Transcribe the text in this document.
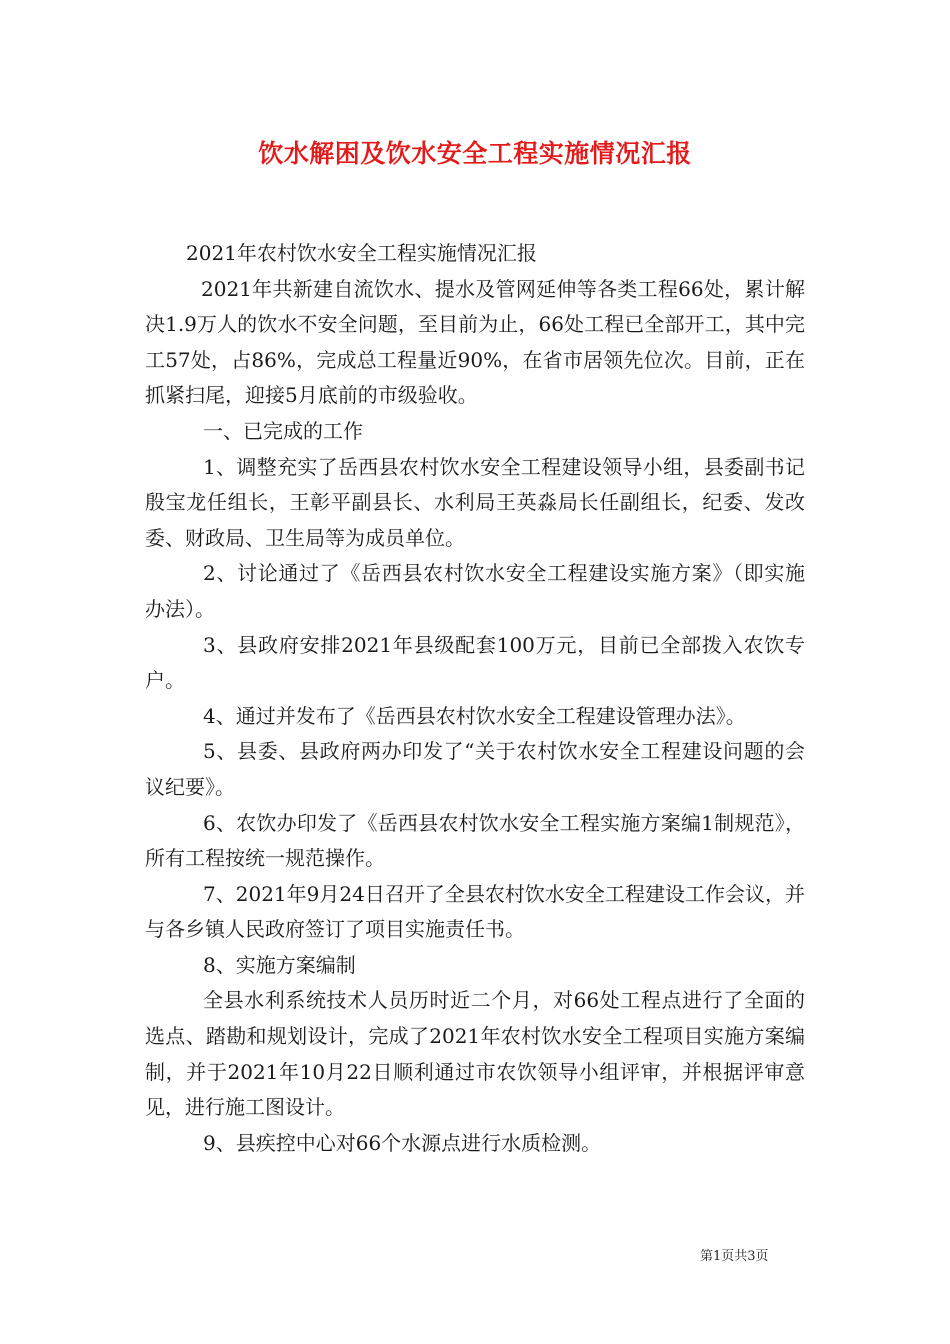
饮水解困及饮水安全工程实施情况汇报

2021年农村饮水安全工程实施情况汇报

2021年共新建自流饮水、提水及管网延伸等各类工程66处，累计解决1.9万人的饮水不安全问题，至目前为止，66处工程已全部开工，其中完工57处，占86%，完成总工程量近90%，在省市居领先位次。目前，正在抓紧扫尾，迎接5月底前的市级验收。

一、已完成的工作

1、调整充实了岳西县农村饮水安全工程建设领导小组，县委副书记殷宝龙任组长，王彰平副县长、水利局王英淼局长任副组长，纪委、发改委、财政局、卫生局等为成员单位。

2、讨论通过了《岳西县农村饮水安全工程建设实施方案》（即实施办法）。

3、县政府安排2021年县级配套100万元，目前已全部拨入农饮专户。

4、通过并发布了《岳西县农村饮水安全工程建设管理办法》。

5、县委、县政府两办印发了“关于农村饮水安全工程建设问题的会议纪要》。

6、农饮办印发了《岳西县农村饮水安全工程实施方案编1制规范》，所有工程按统一规范操作。

7、2021年9月24日召开了全县农村饮水安全工程建设工作会议，并与各乡镇人民政府签订了项目实施责任书。

8、实施方案编制

全县水利系统技术人员历时近二个月，对66处工程点进行了全面的选点、踏勘和规划设计，完成了2021年农村饮水安全工程项目实施方案编制，并于2021年10月22日顺利通过市农饮领导小组评审，并根据评审意见，进行施工图设计。

9、县疾控中心对66个水源点进行水质检测。

第1页共3页
